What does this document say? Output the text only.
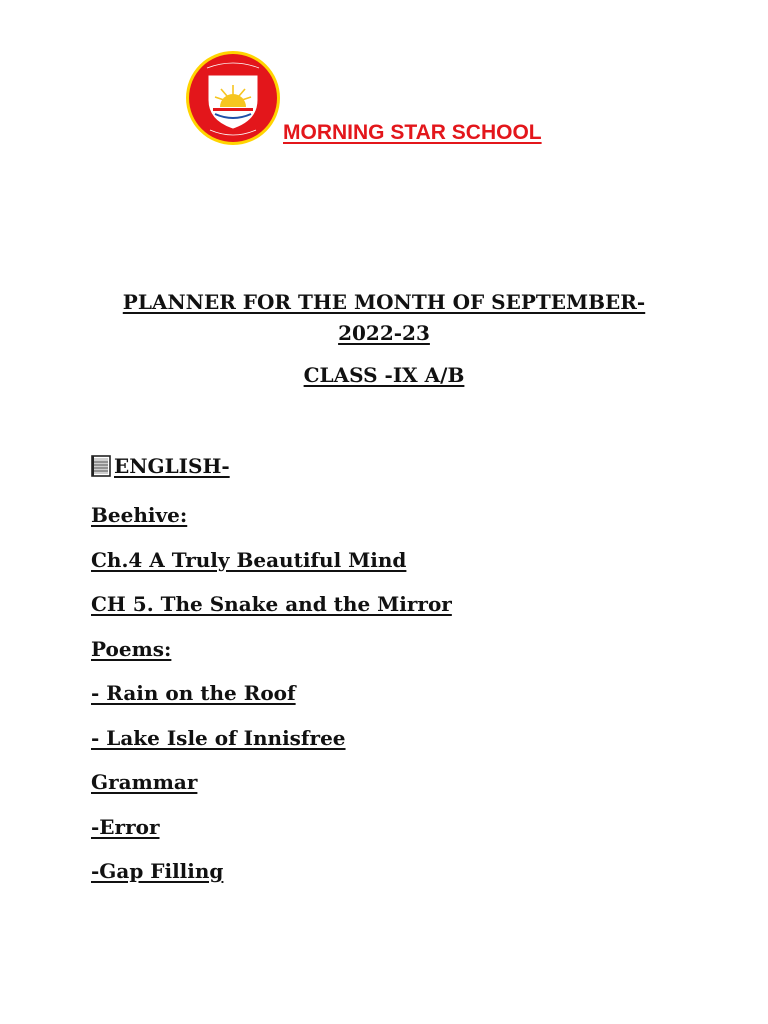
MORNING STAR SCHOOL
PLANNER FOR THE MONTH OF SEPTEMBER-
2022-23
CLASS -IX A/B
ENGLISH-
Beehive:
Ch.4 A Truly Beautiful Mind
CH 5. The Snake and the Mirror
Poems:
- Rain on the Roof
- Lake Isle of Innisfree
Grammar
-Error
-Gap Filling
